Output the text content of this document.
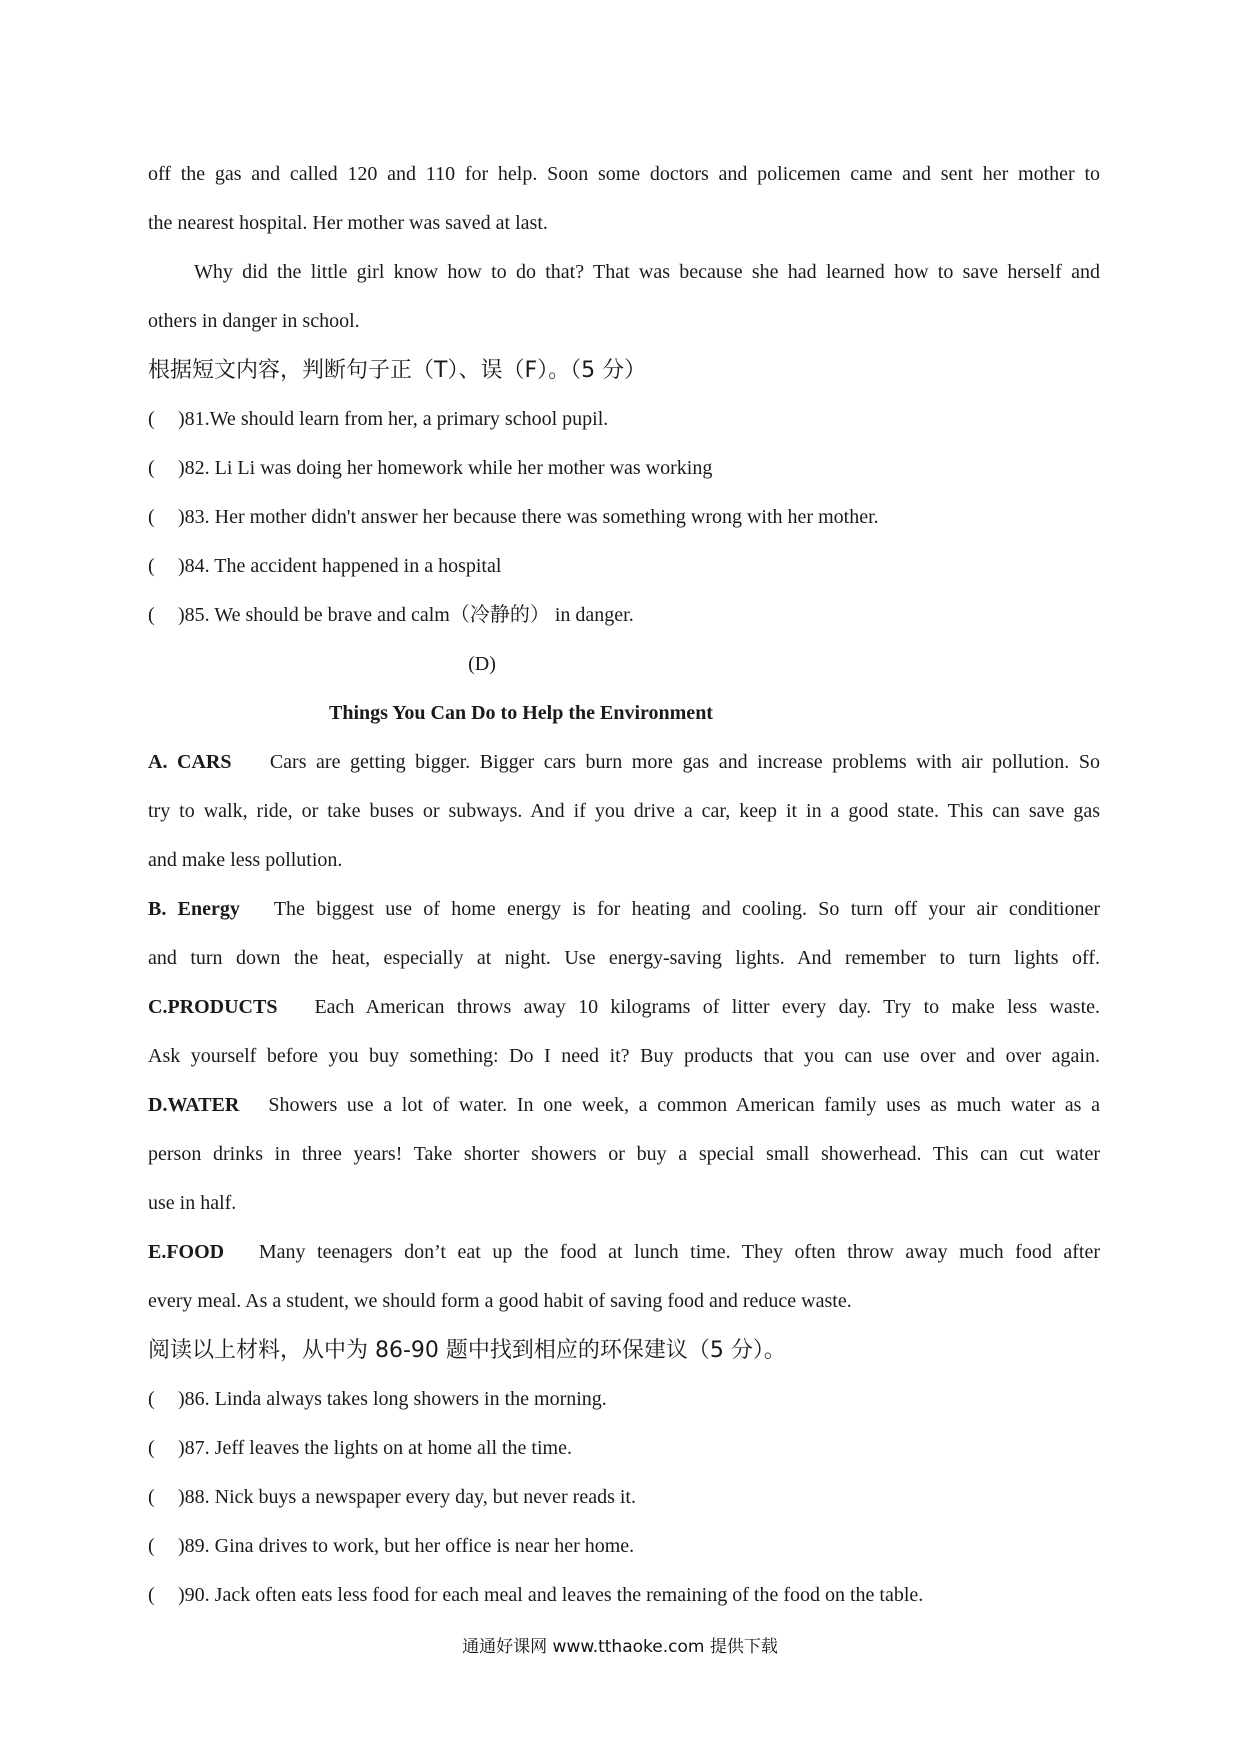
off the gas and called 120 and 110 for help. Soon some doctors and policemen came and sent her mother to
the nearest hospital. Her mother was saved at last.
Why did the little girl know how to do that? That was because she had learned how to save herself and
others in danger in school.
根据短文内容，判断句子正（T）、误（F）。（5 分）
( )81.We should learn from her, a primary school pupil.
( )82. Li Li was doing her homework while her mother was working
( )83. Her mother didn't answer her because there was something wrong with her mother.
( )84. The accident happened in a hospital
( )85. We should be brave and calm（冷静的） in danger.
(D)
Things You Can Do to Help the Environment
A. CARS Cars are getting bigger. Bigger cars burn more gas and increase problems with air pollution. So
try to walk, ride, or take buses or subways. And if you drive a car, keep it in a good state. This can save gas
and make less pollution.
B. Energy The biggest use of home energy is for heating and cooling. So turn off your air conditioner
and turn down the heat, especially at night. Use energy-saving lights. And remember to turn lights off.
C.PRODUCTS Each American throws away 10 kilograms of litter every day. Try to make less waste.
Ask yourself before you buy something: Do I need it? Buy products that you can use over and over again.
D.WATER Showers use a lot of water. In one week, a common American family uses as much water as a
person drinks in three years! Take shorter showers or buy a special small showerhead. This can cut water
use in half.
E.FOOD Many teenagers don’t eat up the food at lunch time. They often throw away much food after
every meal. As a student, we should form a good habit of saving food and reduce waste.
阅读以上材料，从中为 86-90 题中找到相应的环保建议（5 分）。
( )86. Linda always takes long showers in the morning.
( )87. Jeff leaves the lights on at home all the time.
( )88. Nick buys a newspaper every day, but never reads it.
( )89. Gina drives to work, but her office is near her home.
( )90. Jack often eats less food for each meal and leaves the remaining of the food on the table.
通通好课网 www.tthaoke.com 提供下载
